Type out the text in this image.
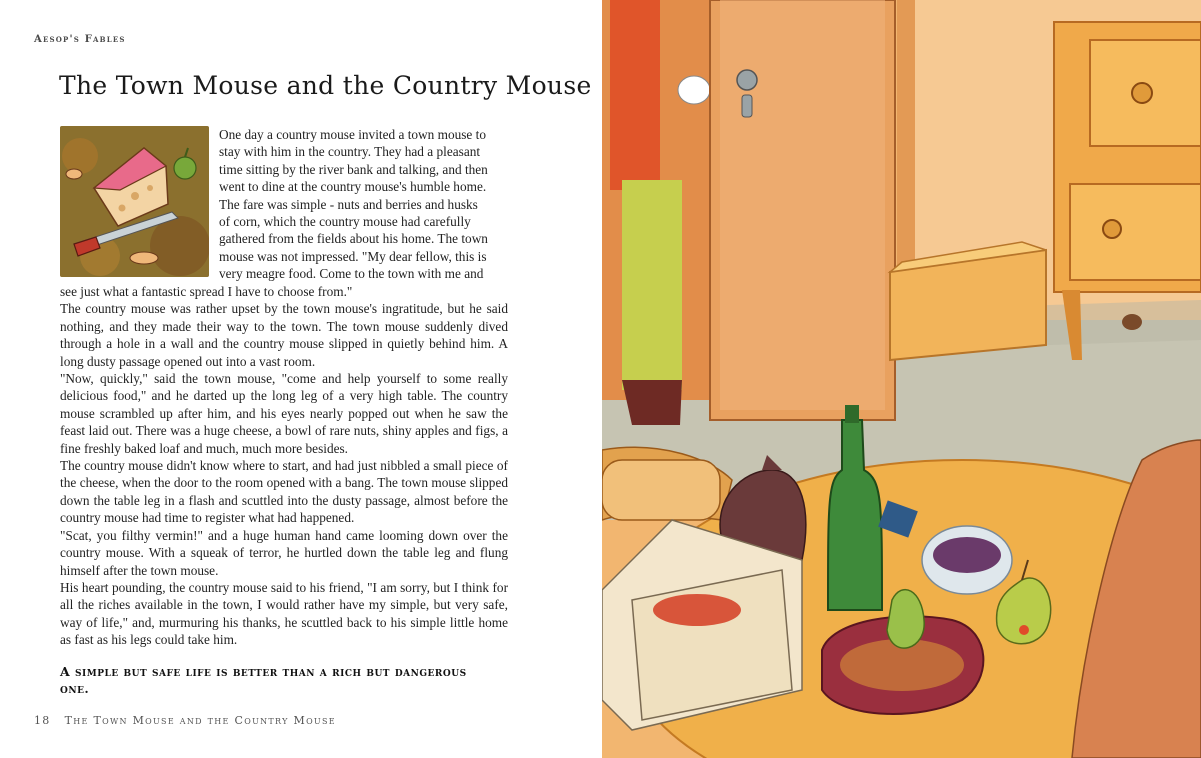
Aesop's Fables
The Town Mouse and the Country Mouse
One day a country mouse invited a town mouse to
stay with him in the country. They had a pleasant
time sitting by the river bank and talking, and then
went to dine at the country mouse's humble home.
The fare was simple - nuts and berries and husks
of corn, which the country mouse had carefully
gathered from the fields about his home. The town
mouse was not impressed. "My dear fellow, this is
very meagre food. Come to the town with me and

see just what a fantastic spread I have to choose from."

The country mouse was rather upset by the town mouse's ingratitude, but he said nothing, and they made their way to the town. The town mouse suddenly dived through a hole in a wall and the country mouse slipped in quietly behind him. A long dusty passage opened out into a vast room.

"Now, quickly," said the town mouse, "come and help yourself to some really delicious food," and he darted up the long leg of a very high table. The country mouse scrambled up after him, and his eyes nearly popped out when he saw the feast laid out. There was a huge cheese, a bowl of rare nuts, shiny apples and figs, a fine freshly baked loaf and much, much more besides.

The country mouse didn't know where to start, and had just nibbled a small piece of the cheese, when the door to the room opened with a bang. The town mouse slipped down the table leg in a flash and scuttled into the dusty passage, almost before the country mouse had time to register what had happened.

"Scat, you filthy vermin!" and a huge human hand came looming down over the country mouse. With a squeak of terror, he hurtled down the table leg and flung himself after the town mouse.

His heart pounding, the country mouse said to his friend, "I am sorry, but I think for all the riches available in the town, I would rather have my simple, but very safe, way of life," and, murmuring his thanks, he scuttled back to his simple little home as fast as his legs could take him.

A simple but safe life is better than a rich but dangerous one.
18 The Town Mouse and the Country Mouse
